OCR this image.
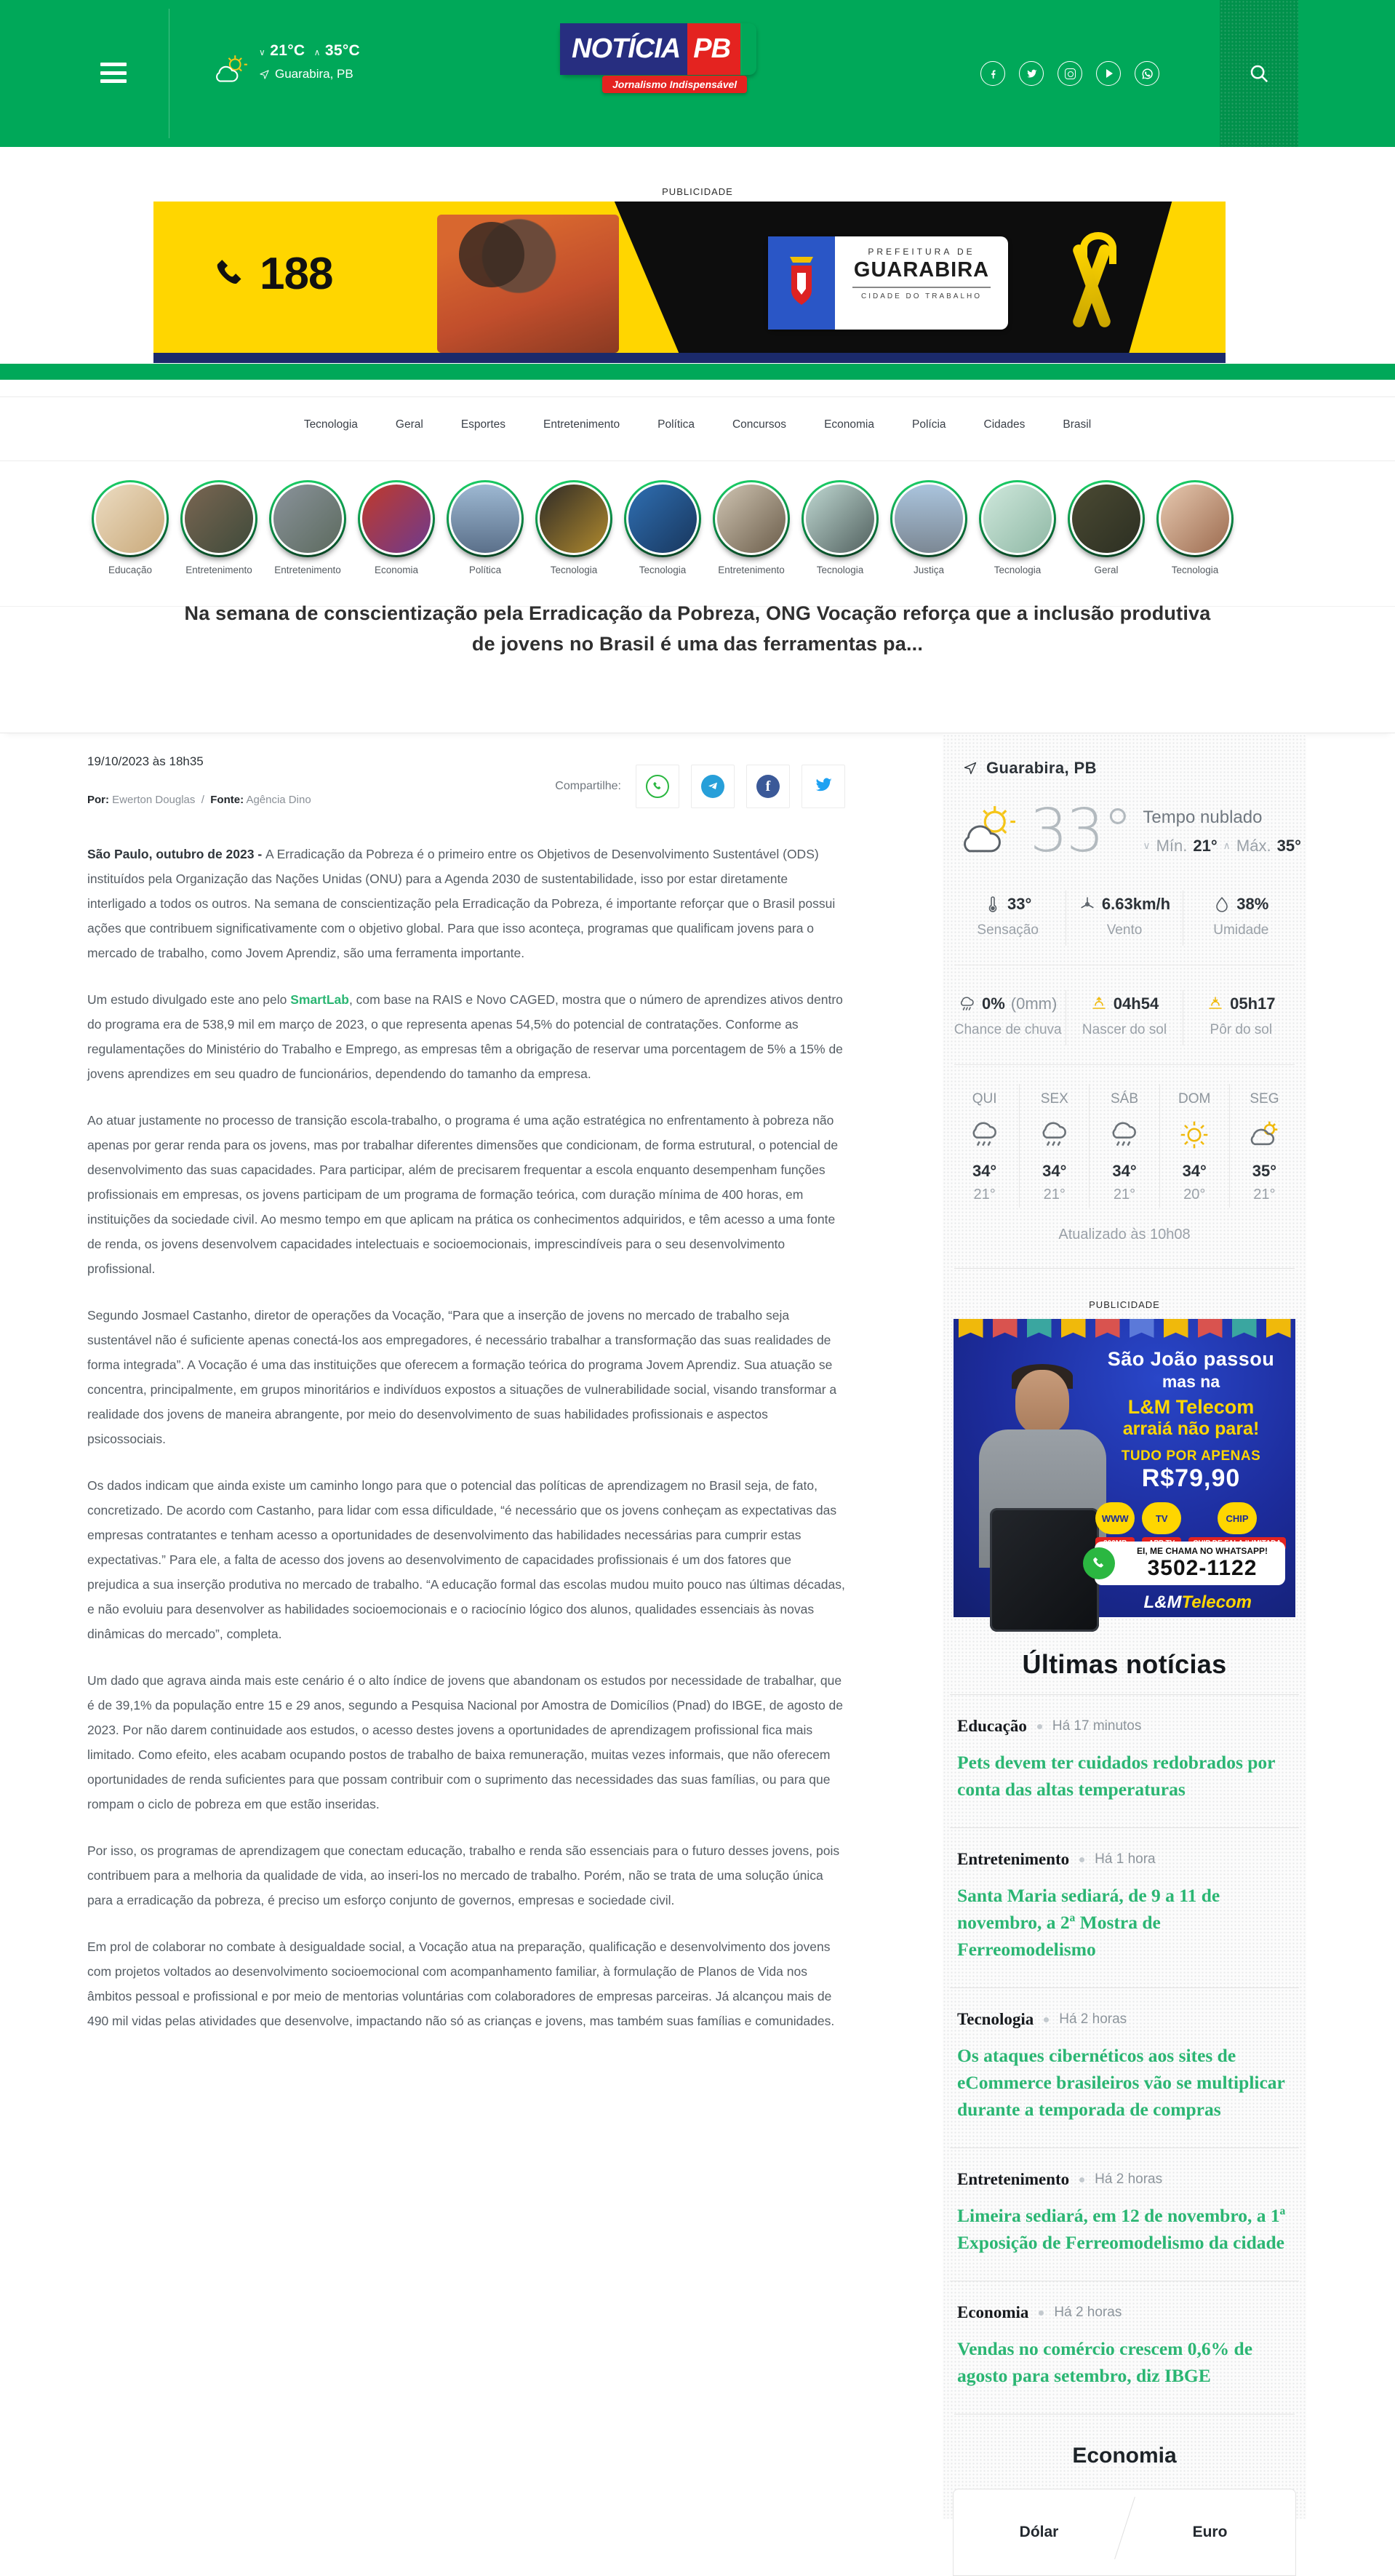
∨ 21°C ∧ 35°C
Guarabira, PB
NOTÍCIA PB
Jornalismo Indispensável
PUBLICIDADE
188	PREFEITURA DE
GUARABIRA
CIDADE DO TRABALHO
Tecnologia	Geral	Esportes	Entretenimento	Política	Concursos	Economia	Polícia	Cidades	Brasil
Educação	Entretenimento	Entretenimento	Economia	Política	Tecnologia	Tecnologia	Entretenimento	Tecnologia	Justiça	Tecnologia	Geral	Tecnologia
Na semana de conscientização pela Erradicação da Pobreza, ONG Vocação reforça que a inclusão produtiva de jovens no Brasil é uma das ferramentas pa...
19/10/2023 às 18h35
Por: Ewerton Douglas / Fonte: Agência Dino
Compartilhe:	f

São Paulo, outubro de 2023 - A Erradicação da Pobreza é o primeiro entre os Objetivos de Desenvolvimento Sustentável (ODS) instituídos pela Organização das Nações Unidas (ONU) para a Agenda 2030 de sustentabilidade, isso por estar diretamente interligado a todos os outros. Na semana de conscientização pela Erradicação da Pobreza, é importante reforçar que o Brasil possui ações que contribuem significativamente com o objetivo global. Para que isso aconteça, programas que qualificam jovens para o mercado de trabalho, como Jovem Aprendiz, são uma ferramenta importante.

Um estudo divulgado este ano pelo SmartLab, com base na RAIS e Novo CAGED, mostra que o número de aprendizes ativos dentro do programa era de 538,9 mil em março de 2023, o que representa apenas 54,5% do potencial de contratações. Conforme as regulamentações do Ministério do Trabalho e Emprego, as empresas têm a obrigação de reservar uma porcentagem de 5% a 15% de jovens aprendizes em seu quadro de funcionários, dependendo do tamanho da empresa.

Ao atuar justamente no processo de transição escola-trabalho, o programa é uma ação estratégica no enfrentamento à pobreza não apenas por gerar renda para os jovens, mas por trabalhar diferentes dimensões que condicionam, de forma estrutural, o potencial de desenvolvimento das suas capacidades. Para participar, além de precisarem frequentar a escola enquanto desempenham funções profissionais em empresas, os jovens participam de um programa de formação teórica, com duração mínima de 400 horas, em instituições da sociedade civil. Ao mesmo tempo em que aplicam na prática os conhecimentos adquiridos, e têm acesso a uma fonte de renda, os jovens desenvolvem capacidades intelectuais e socioemocionais, imprescindíveis para o seu desenvolvimento profissional.

Segundo Josmael Castanho, diretor de operações da Vocação, “Para que a inserção de jovens no mercado de trabalho seja sustentável não é suficiente apenas conectá-los aos empregadores, é necessário trabalhar a transformação das suas realidades de forma integrada”. A Vocação é uma das instituições que oferecem a formação teórica do programa Jovem Aprendiz. Sua atuação se concentra, principalmente, em grupos minoritários e indivíduos expostos a situações de vulnerabilidade social, visando transformar a realidade dos jovens de maneira abrangente, por meio do desenvolvimento de suas habilidades profissionais e aspectos psicossociais.

Os dados indicam que ainda existe um caminho longo para que o potencial das políticas de aprendizagem no Brasil seja, de fato, concretizado. De acordo com Castanho, para lidar com essa dificuldade, “é necessário que os jovens conheçam as expectativas das empresas contratantes e tenham acesso a oportunidades de desenvolvimento das habilidades necessárias para cumprir estas expectativas.” Para ele, a falta de acesso dos jovens ao desenvolvimento de capacidades profissionais é um dos fatores que prejudica a sua inserção produtiva no mercado de trabalho. “A educação formal das escolas mudou muito pouco nas últimas décadas, e não evoluiu para desenvolver as habilidades socioemocionais e o raciocínio lógico dos alunos, qualidades essenciais às novas dinâmicas do mercado”, completa.

Um dado que agrava ainda mais este cenário é o alto índice de jovens que abandonam os estudos por necessidade de trabalhar, que é de 39,1% da população entre 15 e 29 anos, segundo a Pesquisa Nacional por Amostra de Domicílios (Pnad) do IBGE, de agosto de 2023. Por não darem continuidade aos estudos, o acesso destes jovens a oportunidades de aprendizagem profissional fica mais limitado. Como efeito, eles acabam ocupando postos de trabalho de baixa remuneração, muitas vezes informais, que não oferecem oportunidades de renda suficientes para que possam contribuir com o suprimento das necessidades das suas famílias, ou para que rompam o ciclo de pobreza em que estão inseridas.

Por isso, os programas de aprendizagem que conectam educação, trabalho e renda são essenciais para o futuro desses jovens, pois contribuem para a melhoria da qualidade de vida, ao inseri-los no mercado de trabalho. Porém, não se trata de uma solução única para a erradicação da pobreza, é preciso um esforço conjunto de governos, empresas e sociedade civil.

Em prol de colaborar no combate à desigualdade social, a Vocação atua na preparação, qualificação e desenvolvimento dos jovens com projetos voltados ao desenvolvimento socioemocional com acompanhamento familiar, à formulação de Planos de Vida nos âmbitos pessoal e profissional e por meio de mentorias voluntárias com colaboradores de empresas parceiras. Já alcançou mais de 490 mil vidas pelas atividades que desenvolve, impactando não só as crianças e jovens, mas também suas famílias e comunidades.

Guarabira, PB
33° Tempo nublado
∨ Mín. 21° ∧ Máx. 35°
33°
Sensação
6.63km/h
Vento
38%
Umidade
0% (0mm)
Chance de chuva
04h54
Nascer do sol
05h17
Pôr do sol
QUI
34°
21°
SEX
34°
21°
SÁB
34°
21°
DOM
34°
20°
SEG
35°
21°
Atualizado às 10h08
PUBLICIDADE
São João passou
mas na
L&M Telecom
arraiá não para!
TUDO POR APENAS
R$79,90
WWW	TV	CHIP
EI, ME CHAMA NO WHATSAPP!
3502-1122
L&MTelecom
Últimas notícias
Educação Há 17 minutos
Pets devem ter cuidados redobrados por conta das altas temperaturas
Entretenimento Há 1 hora
Santa Maria sediará, de 9 a 11 de novembro, a 2ª Mostra de Ferreomodelismo
Tecnologia Há 2 horas
Os ataques cibernéticos aos sites de eCommerce brasileiros vão se multiplicar durante a temporada de compras
Entretenimento Há 2 horas
Limeira sediará, em 12 de novembro, a 1ª Exposição de Ferreomodelismo da cidade
Economia Há 2 horas
Vendas no comércio crescem 0,6% de agosto para setembro, diz IBGE
Economia
Dólar	Euro
